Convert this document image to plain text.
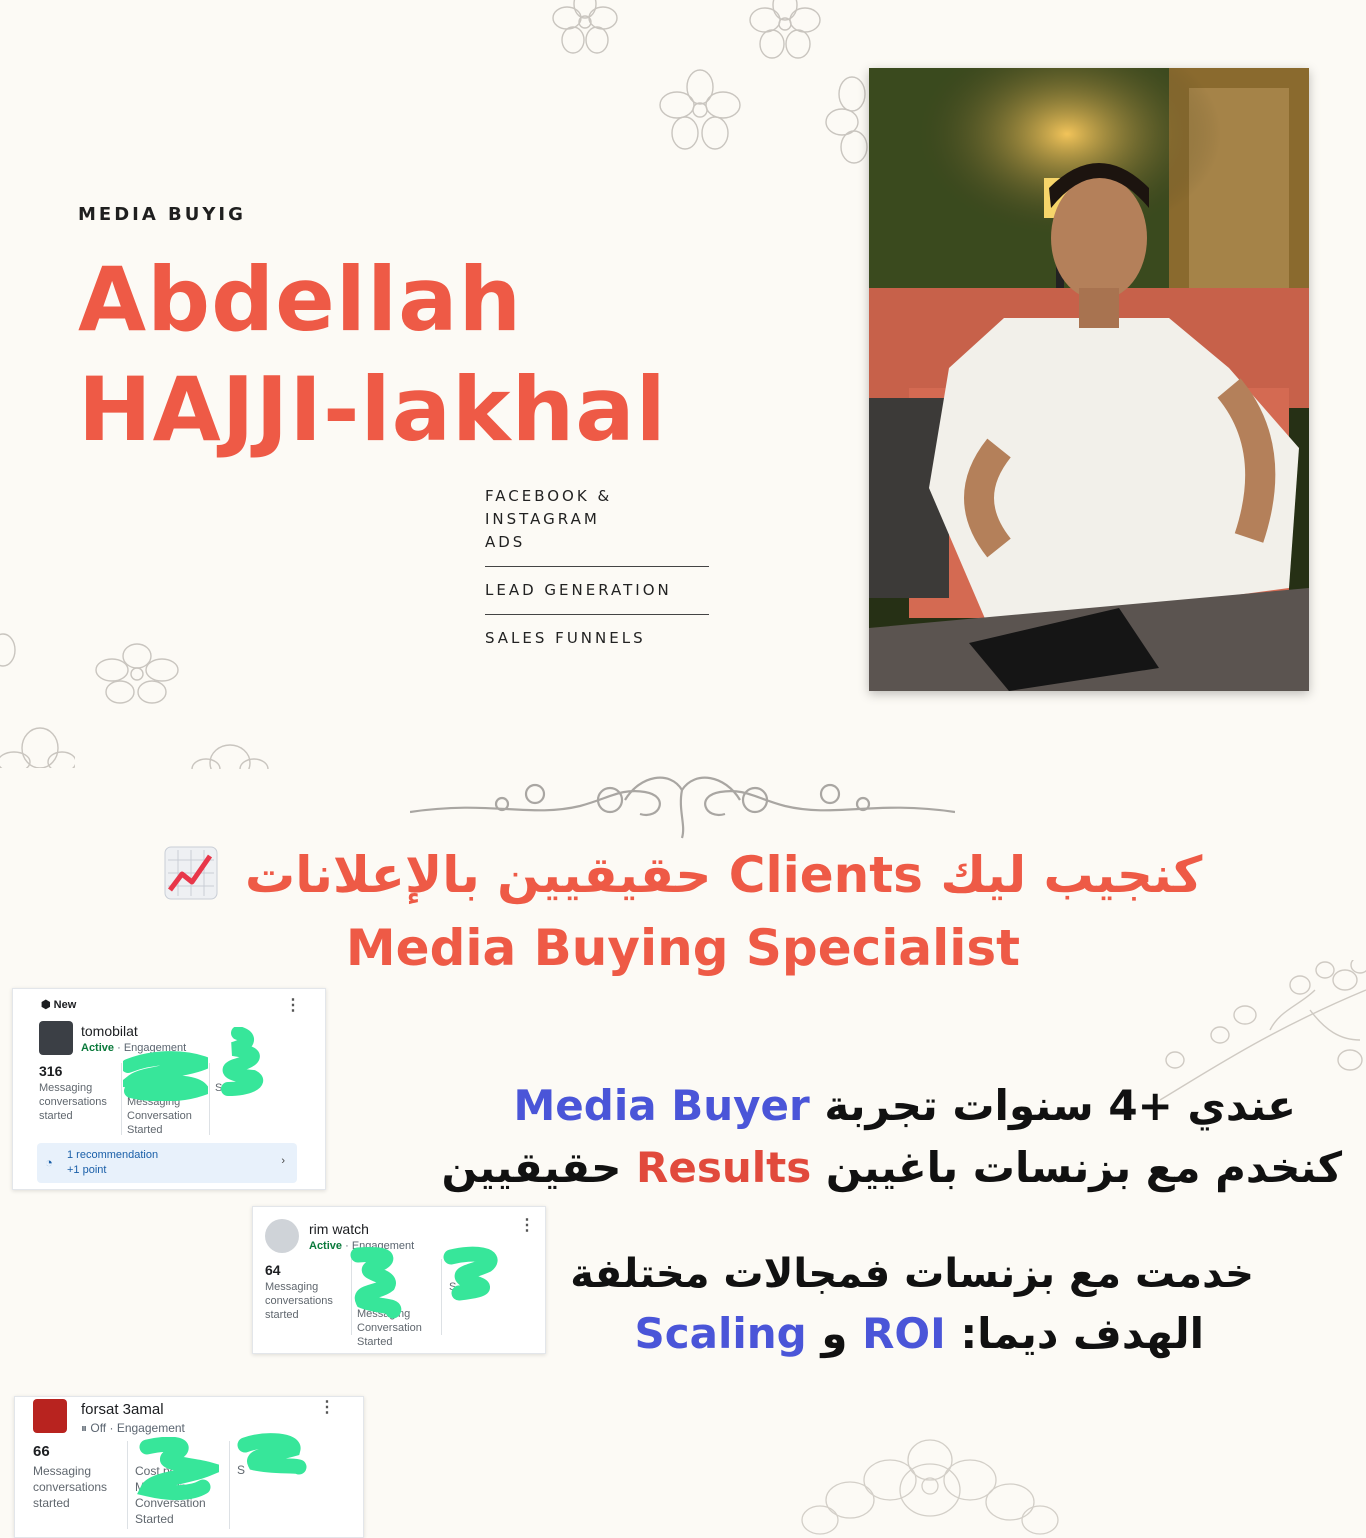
MEDIA BUYIG
Abdellah
HAJJI-lakhal
FACEBOOK & INSTAGRAM ADS
LEAD GENERATION
SALES FUNNELS
كنجيب ليك Clients حقيقيين بالإعلانات
Media Buying Specialist
⬢ New	⋮
tomobilat
Active · Engagement
316
Messaging conversations started
Cost per Messaging Conversation Started
Sp
◔ 1 recommendation
+1 point
›
⋮
rim watch
Active · Engagement
64
Messaging conversations started	Messaging Conversation Started
S
⋮
forsat 3amal
⏸ Off · Engagement
66
Messaging conversations started
Cost per Messaging Conversation Started
S
Media Buyer عندي +4 سنوات تجربة
كنخدم مع بزنسات باغيين Results حقيقيين
خدمت مع بزنسات فمجالات مختلفة
Scaling و ROI :الهدف ديما
